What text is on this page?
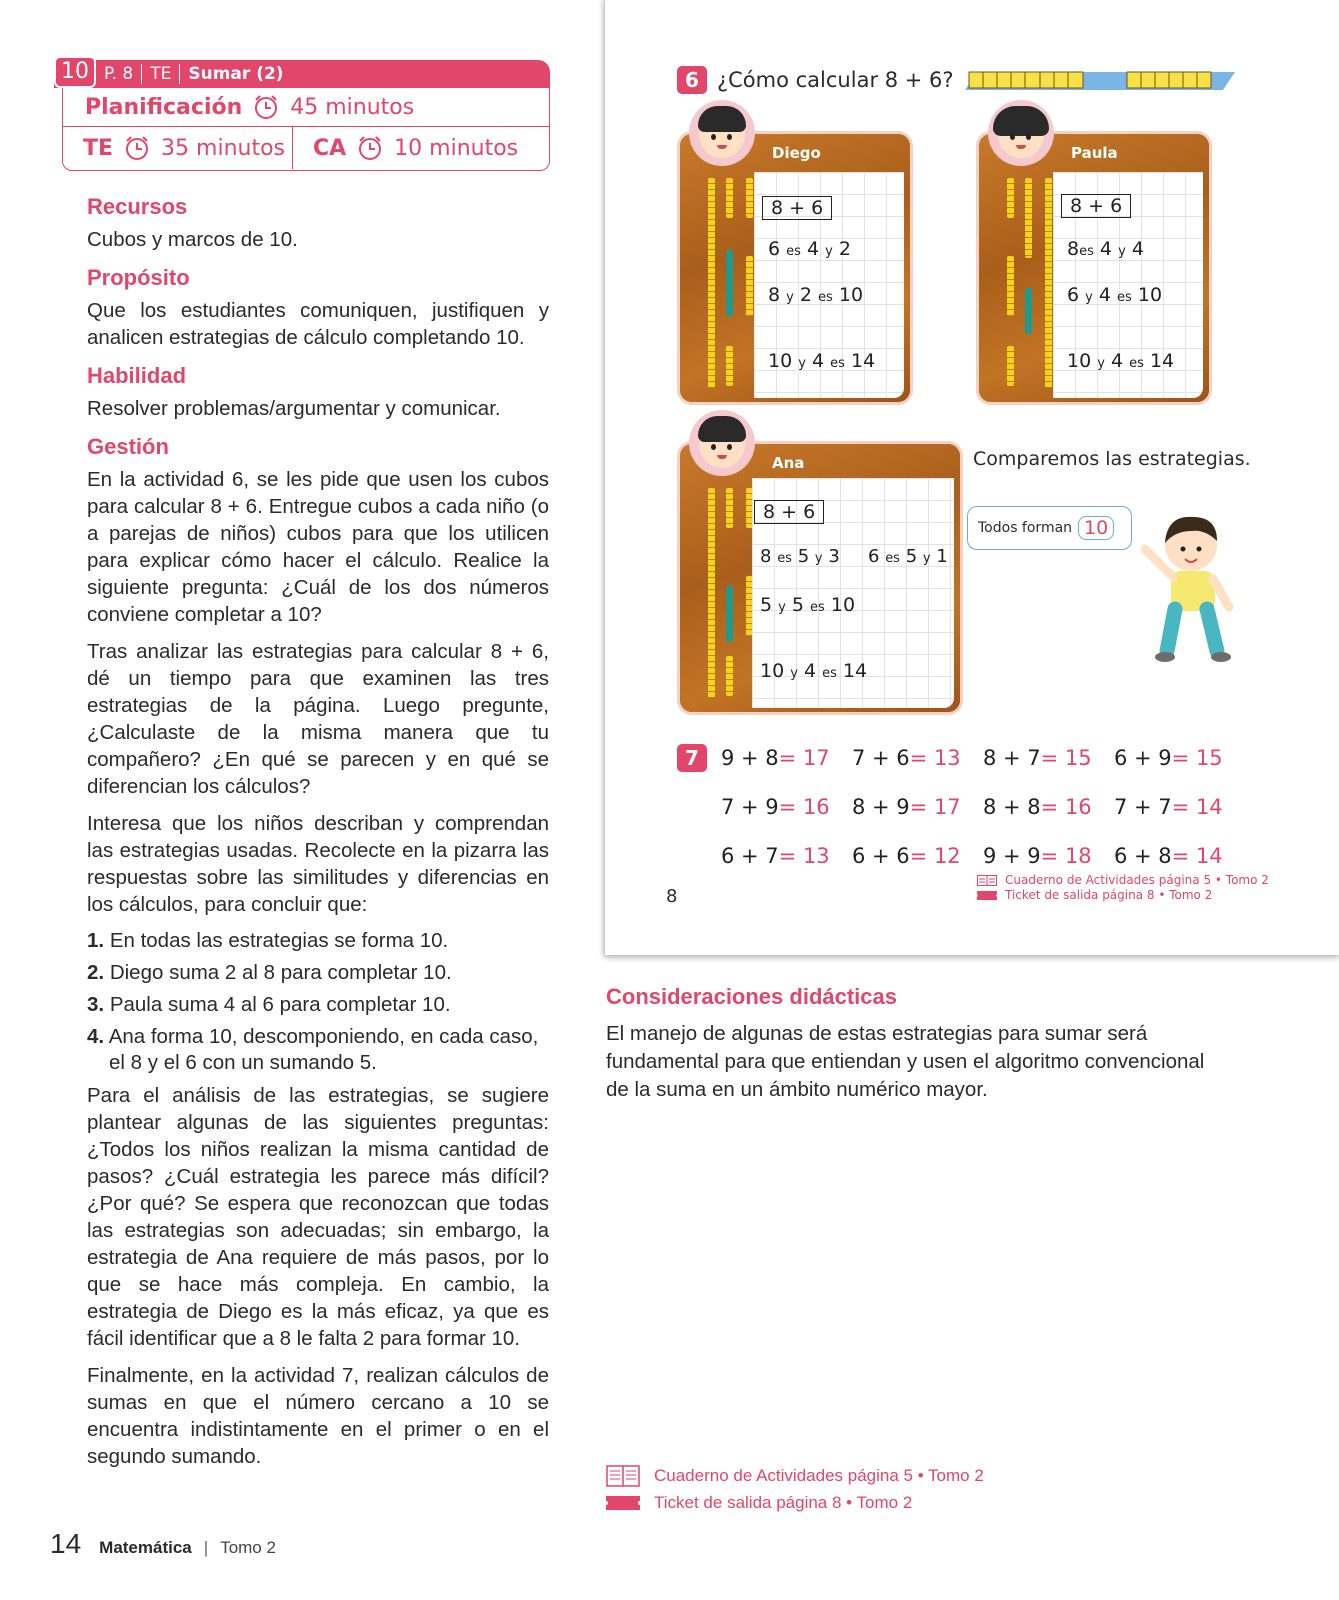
10 P. 8	TE	Sumar (2)
Planificación 45 minutos
TE 35 minutos CA 10 minutos
Recursos

Cubos y marcos de 10.

Propósito

Que los estudiantes comuniquen, justifiquen y analicen estrategias de cálculo completando 10.

Habilidad

Resolver problemas/argumentar y comunicar.

Gestión

En la actividad 6, se les pide que usen los cubos para calcular 8 + 6. Entregue cubos a cada niño (o a parejas de niños) cubos para que los utilicen para explicar cómo hacer el cálculo. Realice la siguiente pregunta: ¿Cuál de los dos números conviene completar a 10?

Tras analizar las estrategias para calcular 8 + 6, dé un tiempo para que examinen las tres estrategias de la página. Luego pregunte, ¿Calculaste de la misma manera que tu compañero? ¿En qué se parecen y en qué se diferencian los cálculos?

Interesa que los niños describan y comprendan las estrategias usadas. Recolecte en la pizarra las respuestas sobre las similitudes y diferencias en los cálculos, para concluir que:

1. En todas las estrategias se forma 10.
2. Diego suma 2 al 8 para completar 10.
3. Paula suma 4 al 6 para completar 10.
4. Ana forma 10, descomponiendo, en cada caso, el 8 y el 6 con un sumando 5.

Para el análisis de las estrategias, se sugiere plantear algunas de las siguientes preguntas: ¿Todos los niños realizan la misma cantidad de pasos? ¿Cuál estrategia les parece más difícil? ¿Por qué? Se espera que reconozcan que todas las estrategias son adecuadas; sin embargo, la estrategia de Ana requiere de más pasos, por lo que se hace más compleja. En cambio, la estrategia de Diego es la más eficaz, ya que es fácil identificar que a 8 le falta 2 para formar 10.

Finalmente, en la actividad 7, realizan cálculos de sumas en que el número cercano a 10 se encuentra indistintamente en el primer o en el segundo sumando.

14 Matemática | Tomo 2
6 ¿Cómo calcular 8 + 6?
Diego
8 + 6
6 es 4 y 2
8 y 2 es 10
10 y 4 es 14
Paula
8 + 6
8es 4 y 4
6 y 4 es 10
10 y 4 es 14
Ana
8 + 6
8 es 5 y 3 6 es 5 y 1
5 y 5 es 10
10 y 4 es 14
Comparemos las estrategias.
Todos forman 10
7	9 + 8= 17	7 + 6= 13	8 + 7= 15	6 + 9= 15
7 + 9= 16	8 + 9= 17	8 + 8= 16	7 + 7= 14
6 + 7= 13	6 + 6= 12	9 + 9= 18	6 + 8= 14
8
Cuaderno de Actividades página 5 • Tomo 2
Ticket de salida página 8 • Tomo 2
Consideraciones didácticas

El manejo de algunas de estas estrategias para sumar será fundamental para que entiendan y usen el algoritmo convencional de la suma en un ámbito numérico mayor.

Cuaderno de Actividades página 5 • Tomo 2
Ticket de salida página 8 • Tomo 2
